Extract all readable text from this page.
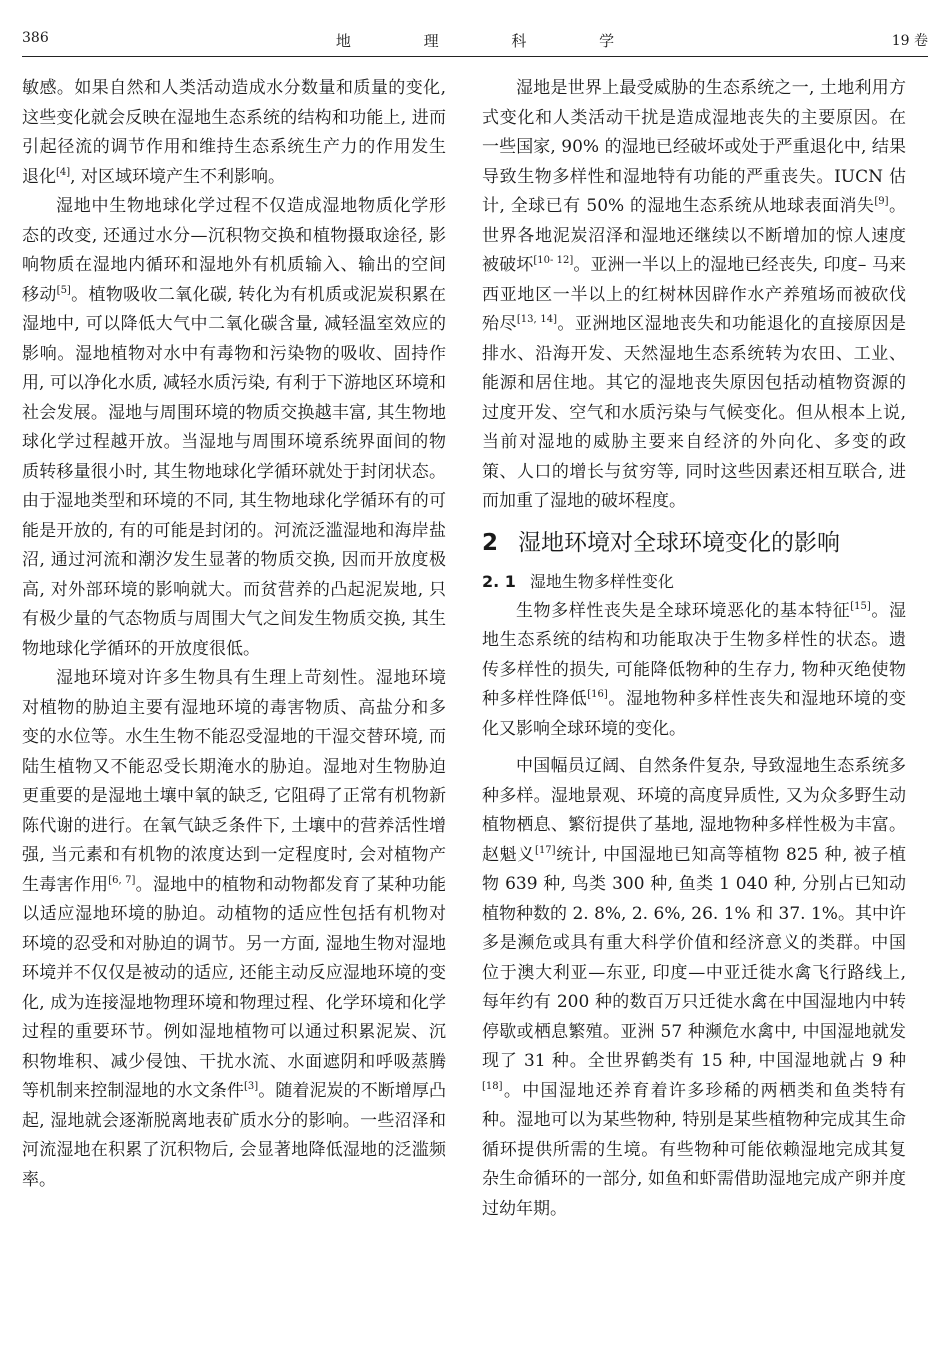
386	地 理 科 学	19 卷

敏感。如果自然和人类活动造成水分数量和质量的变化, 这些变化就会反映在湿地生态系统的结构和功能上, 进而引起径流的调节作用和维持生态系统生产力的作用发生退化[4], 对区域环境产生不利影响。

湿地中生物地球化学过程不仅造成湿地物质化学形态的改变, 还通过水分—沉积物交换和植物摄取途径, 影响物质在湿地内循环和湿地外有机质输入、输出的空间移动[5]。植物吸收二氧化碳, 转化为有机质或泥炭积累在湿地中, 可以降低大气中二氧化碳含量, 减轻温室效应的影响。湿地植物对水中有毒物和污染物的吸收、固持作用, 可以净化水质, 减轻水质污染, 有利于下游地区环境和社会发展。湿地与周围环境的物质交换越丰富, 其生物地球化学过程越开放。当湿地与周围环境系统界面间的物质转移量很小时, 其生物地球化学循环就处于封闭状态。由于湿地类型和环境的不同, 其生物地球化学循环有的可能是开放的, 有的可能是封闭的。河流泛滥湿地和海岸盐沼, 通过河流和潮汐发生显著的物质交换, 因而开放度极高, 对外部环境的影响就大。而贫营养的凸起泥炭地, 只有极少量的气态物质与周围大气之间发生物质交换, 其生物地球化学循环的开放度很低。

湿地环境对许多生物具有生理上苛刻性。湿地环境对植物的胁迫主要有湿地环境的毒害物质、高盐分和多变的水位等。水生生物不能忍受湿地的干湿交替环境, 而陆生植物又不能忍受长期淹水的胁迫。湿地对生物胁迫更重要的是湿地土壤中氧的缺乏, 它阻碍了正常有机物新陈代谢的进行。在氧气缺乏条件下, 土壤中的营养活性增强, 当元素和有机物的浓度达到一定程度时, 会对植物产生毒害作用[6, 7]。湿地中的植物和动物都发育了某种功能以适应湿地环境的胁迫。动植物的适应性包括有机物对环境的忍受和对胁迫的调节。另一方面, 湿地生物对湿地环境并不仅仅是被动的适应, 还能主动反应湿地环境的变化, 成为连接湿地物理环境和物理过程、化学环境和化学过程的重要环节。例如湿地植物可以通过积累泥炭、沉积物堆积、减少侵蚀、干扰水流、水面遮阴和呼吸蒸腾等机制来控制湿地的水文条件[3]。随着泥炭的不断增厚凸起, 湿地就会逐渐脱离地表矿质水分的影响。一些沼泽和河流湿地在积累了沉积物后, 会显著地降低湿地的泛滥频率。

湿地是世界上最受威胁的生态系统之一, 土地利用方式变化和人类活动干扰是造成湿地丧失的主要原因。在一些国家, 90% 的湿地已经破坏或处于严重退化中, 结果导致生物多样性和湿地特有功能的严重丧失。IUCN 估计, 全球已有 50% 的湿地生态系统从地球表面消失[9]。世界各地泥炭沼泽和湿地还继续以不断增加的惊人速度被破坏[10- 12]。亚洲一半以上的湿地已经丧失, 印度– 马来西亚地区一半以上的红树林因辟作水产养殖场而被砍伐殆尽[13, 14]。亚洲地区湿地丧失和功能退化的直接原因是排水、沿海开发、天然湿地生态系统转为农田、工业、能源和居住地。其它的湿地丧失原因包括动植物资源的过度开发、空气和水质污染与气候变化。但从根本上说, 当前对湿地的威胁主要来自经济的外向化、多变的政策、人口的增长与贫穷等, 同时这些因素还相互联合, 进而加重了湿地的破坏程度。

2 湿地环境对全球环境变化的影响
2. 1 湿地生物多样性变化

生物多样性丧失是全球环境恶化的基本特征[15]。湿地生态系统的结构和功能取决于生物多样性的状态。遗传多样性的损失, 可能降低物种的生存力, 物种灭绝使物种多样性降低[16]。湿地物种多样性丧失和湿地环境的变化又影响全球环境的变化。

中国幅员辽阔、自然条件复杂, 导致湿地生态系统多种多样。湿地景观、环境的高度异质性, 又为众多野生动植物栖息、繁衍提供了基地, 湿地物种多样性极为丰富。赵魁义[17]统计, 中国湿地已知高等植物 825 种, 被子植物 639 种, 鸟类 300 种, 鱼类 1 040 种, 分别占已知动植物种数的 2. 8%, 2. 6%, 26. 1% 和 37. 1%。其中许多是濒危或具有重大科学价值和经济意义的类群。中国位于澳大利亚—东亚, 印度—中亚迁徙水禽飞行路线上, 每年约有 200 种的数百万只迁徙水禽在中国湿地内中转停歇或栖息繁殖。亚洲 57 种濒危水禽中, 中国湿地就发现了 31 种。全世界鹤类有 15 种, 中国湿地就占 9 种[18]。中国湿地还养育着许多珍稀的两栖类和鱼类特有种。湿地可以为某些物种, 特别是某些植物种完成其生命循环提供所需的生境。有些物种可能依赖湿地完成其复杂生命循环的一部分, 如鱼和虾需借助湿地完成产卵并度过幼年期。
